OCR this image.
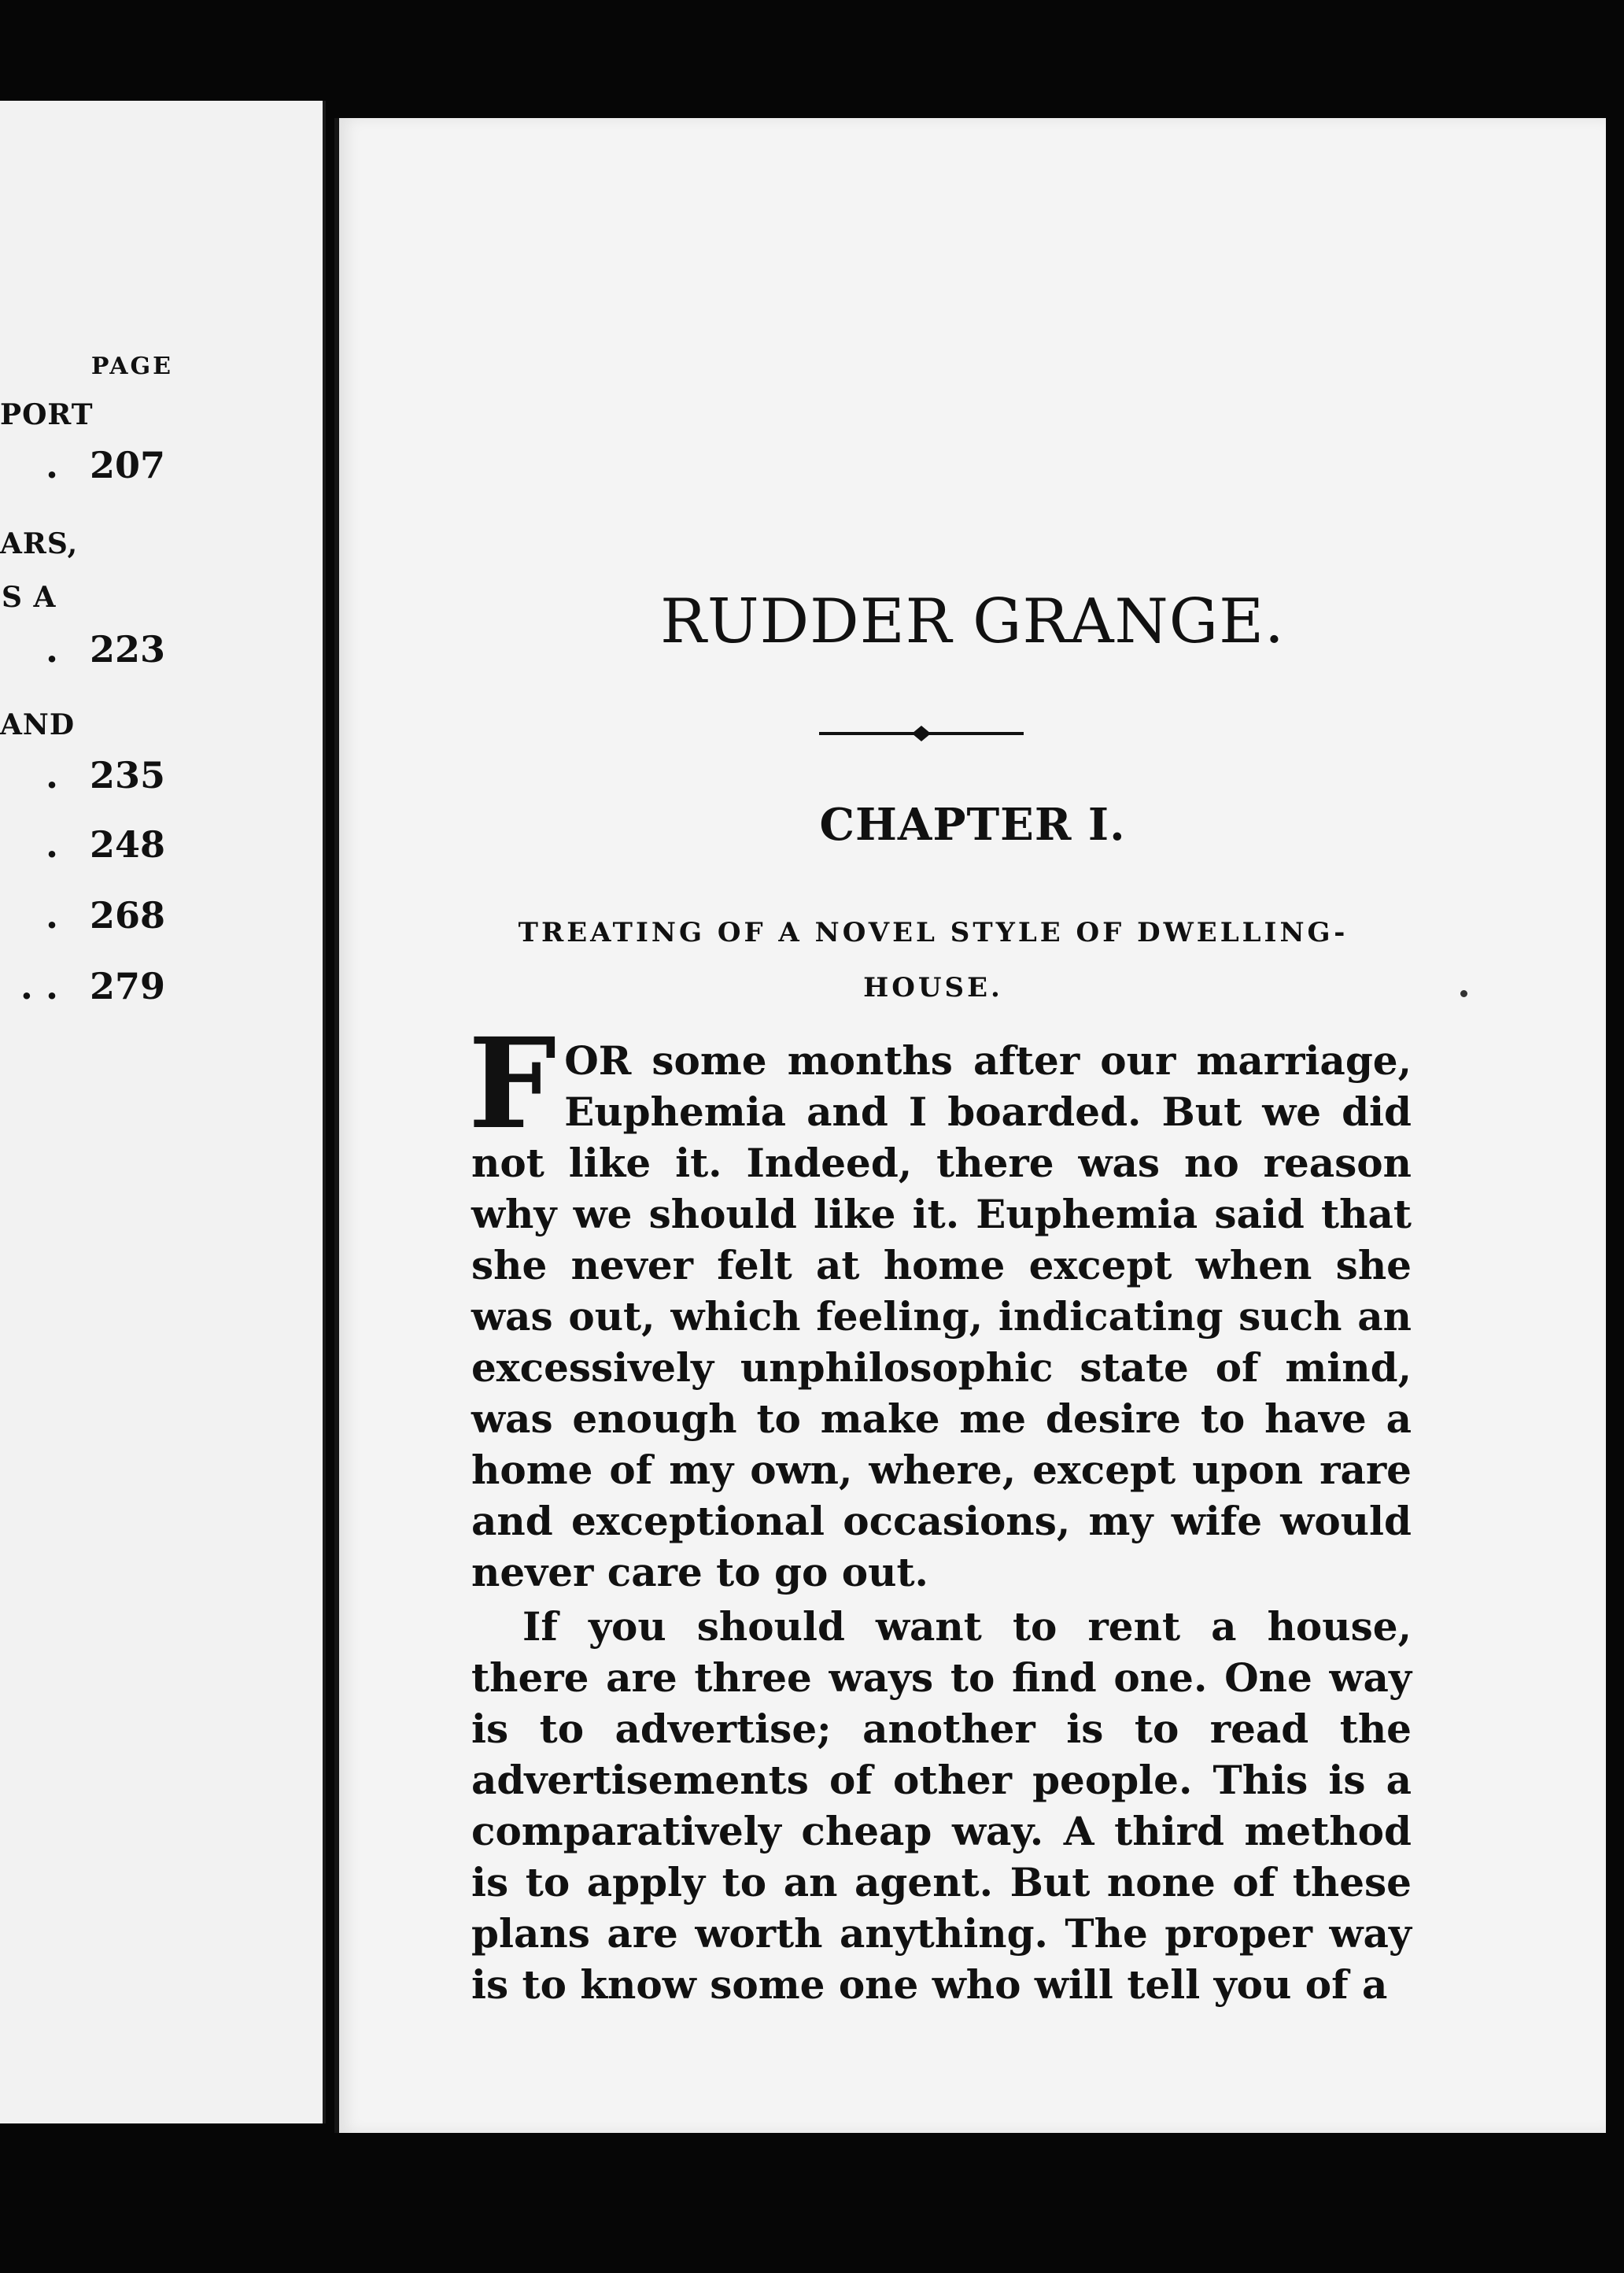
PAGE
PORT
ARS,
S A
AND
. 207
. 223
. 235
. 248
. 268
. . 279
RUDDER GRANGE.
CHAPTER I.
TREATING OF A NOVEL STYLE OF DWELLING-HOUSE.

FOR some months after our marriage, Euphemia and I boarded. But we did not like it. Indeed, there was no reason why we should like it. Euphemia said that she never felt at home except when she was out, which feeling, indicating such an excessively unphilosophic state of mind, was enough to make me desire to have a home of my own, where, except upon rare and exceptional occasions, my wife would never care to go out.

If you should want to rent a house, there are three ways to find one. One way is to advertise; another is to read the advertisements of other people. This is a comparatively cheap way. A third method is to apply to an agent. But none of these plans are worth anything. The proper way is to know some one who will tell you of a
